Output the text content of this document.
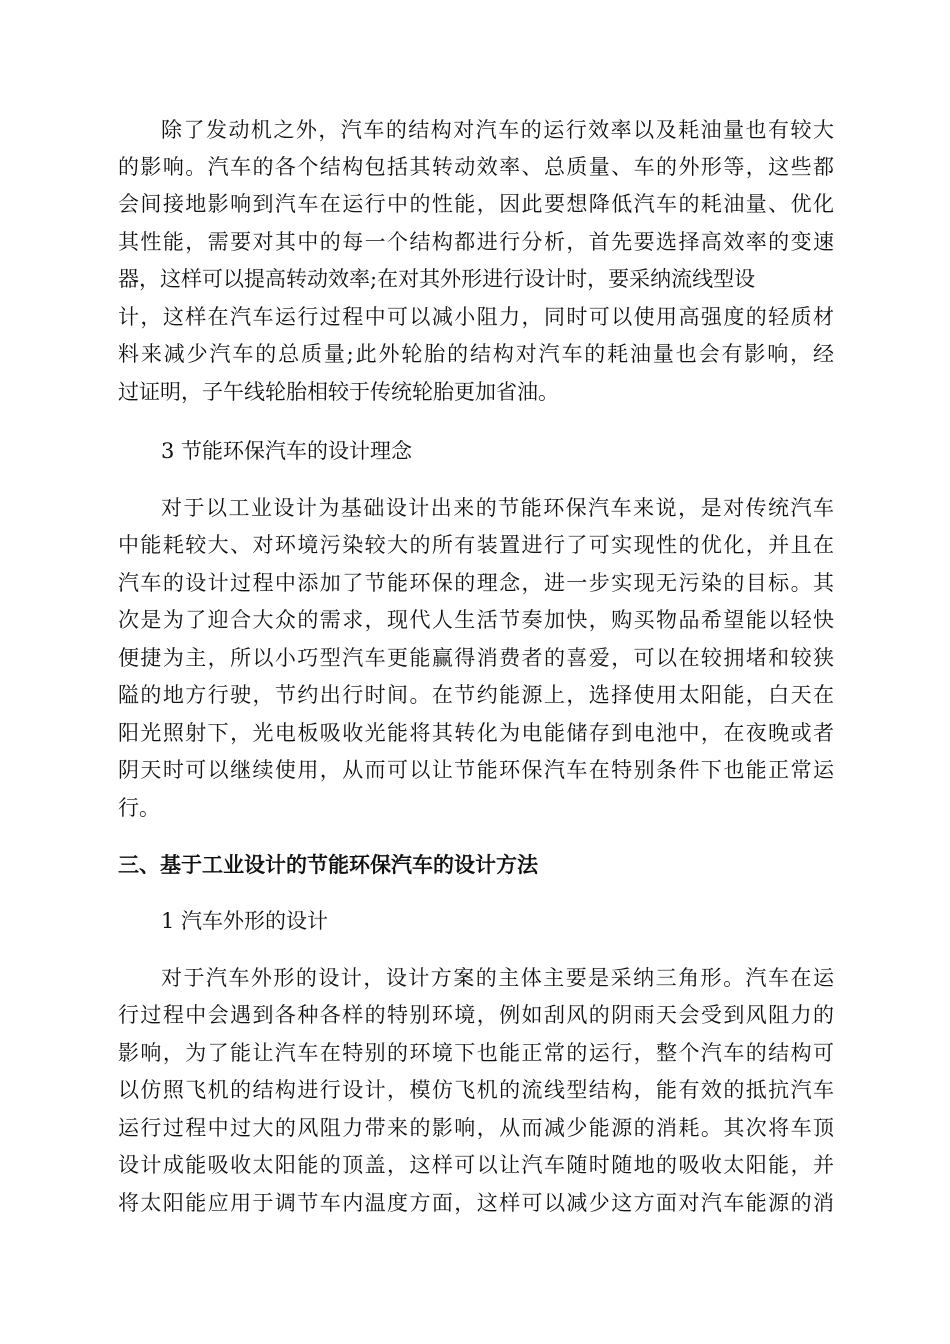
除了发动机之外，汽车的结构对汽车的运行效率以及耗油量也有较大
的影响。汽车的各个结构包括其转动效率、总质量、车的外形等，这些都
会间接地影响到汽车在运行中的性能，因此要想降低汽车的耗油量、优化
其性能，需要对其中的每一个结构都进行分析，首先要选择高效率的变速
器，这样可以提高转动效率;在对其外形进行设计时，要采纳流线型设
计，这样在汽车运行过程中可以减小阻力，同时可以使用高强度的轻质材
料来减少汽车的总质量;此外轮胎的结构对汽车的耗油量也会有影响，经
过证明，子午线轮胎相较于传统轮胎更加省油。
3 节能环保汽车的设计理念
对于以工业设计为基础设计出来的节能环保汽车来说，是对传统汽车
中能耗较大、对环境污染较大的所有装置进行了可实现性的优化，并且在
汽车的设计过程中添加了节能环保的理念，进一步实现无污染的目标。其
次是为了迎合大众的需求，现代人生活节奏加快，购买物品希望能以轻快
便捷为主，所以小巧型汽车更能赢得消费者的喜爱，可以在较拥堵和较狭
隘的地方行驶，节约出行时间。在节约能源上，选择使用太阳能，白天在
阳光照射下，光电板吸收光能将其转化为电能储存到电池中，在夜晚或者
阴天时可以继续使用，从而可以让节能环保汽车在特别条件下也能正常运
行。
三、基于工业设计的节能环保汽车的设计方法
1 汽车外形的设计
对于汽车外形的设计，设计方案的主体主要是采纳三角形。汽车在运
行过程中会遇到各种各样的特别环境，例如刮风的阴雨天会受到风阻力的
影响，为了能让汽车在特别的环境下也能正常的运行，整个汽车的结构可
以仿照飞机的结构进行设计，模仿飞机的流线型结构，能有效的抵抗汽车
运行过程中过大的风阻力带来的影响，从而减少能源的消耗。其次将车顶
设计成能吸收太阳能的顶盖，这样可以让汽车随时随地的吸收太阳能，并
将太阳能应用于调节车内温度方面，这样可以减少这方面对汽车能源的消
